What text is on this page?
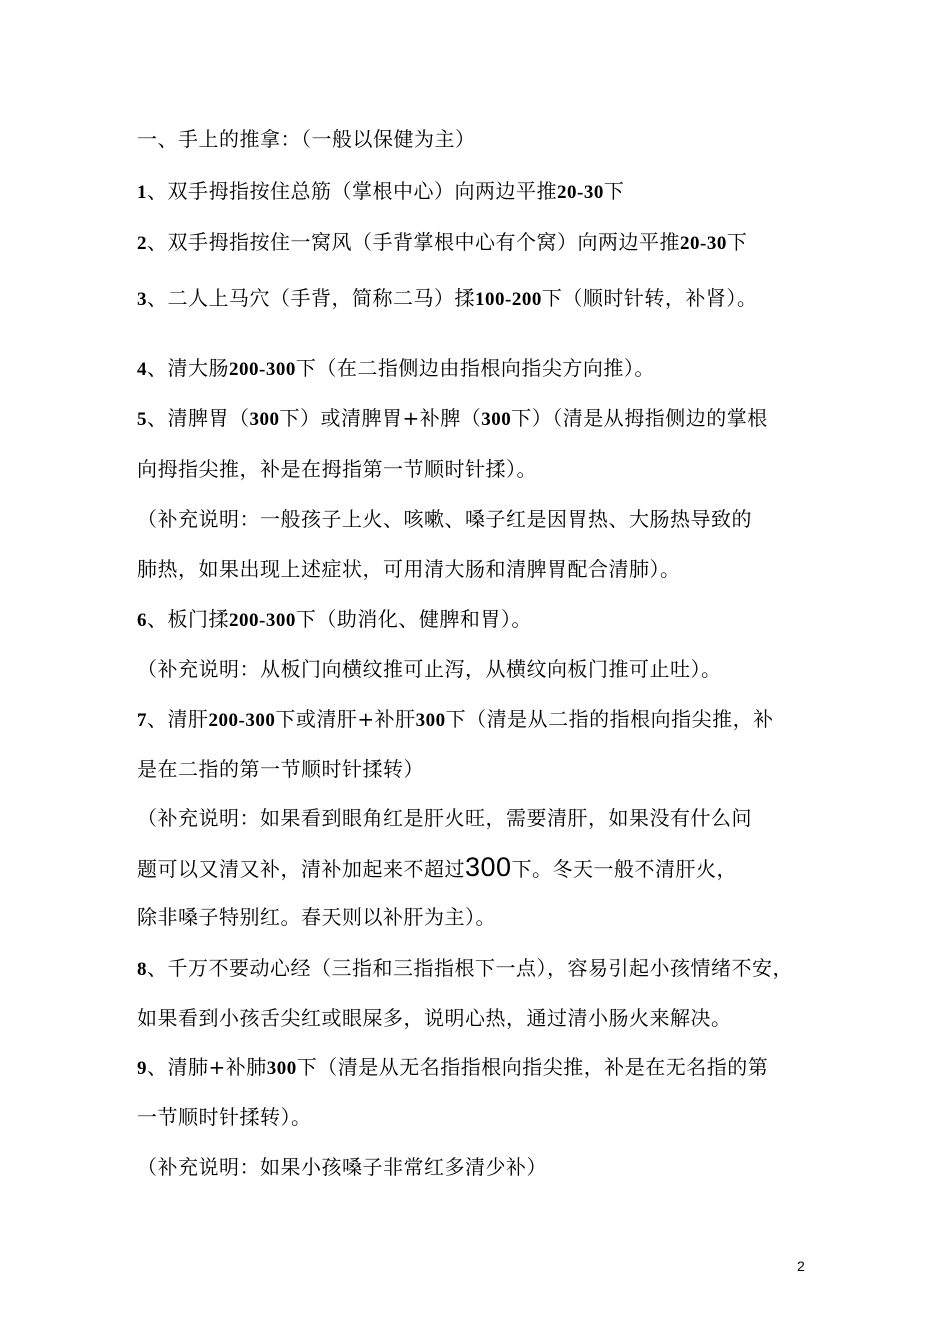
一、手上的推拿：（一般以保健为主）
1、双手拇指按住总筋（掌根中心）向两边平推20-30下
2、双手拇指按住一窝风（手背掌根中心有个窝）向两边平推20-30下
3、二人上马穴（手背，简称二马）揉100-200下（顺时针转，补肾）。
4、清大肠200-300下（在二指侧边由指根向指尖方向推）。
5、清脾胃（300下）或清脾胃+补脾（300下）（清是从拇指侧边的掌根
向拇指尖推，补是在拇指第一节顺时针揉）。
（补充说明：一般孩子上火、咳嗽、嗓子红是因胃热、大肠热导致的
肺热，如果出现上述症状，可用清大肠和清脾胃配合清肺）。
6、板门揉200-300下（助消化、健脾和胃）。
（补充说明：从板门向横纹推可止泻，从横纹向板门推可止吐）。
7、清肝200-300下或清肝+补肝300下（清是从二指的指根向指尖推，补
是在二指的第一节顺时针揉转）
（补充说明：如果看到眼角红是肝火旺，需要清肝，如果没有什么问
题可以又清又补，清补加起来不超过300下。冬天一般不清肝火，
除非嗓子特别红。春天则以补肝为主）。
8、千万不要动心经（三指和三指指根下一点），容易引起小孩情绪不安，
如果看到小孩舌尖红或眼屎多，说明心热，通过清小肠火来解决。
9、清肺+补肺300下（清是从无名指指根向指尖推，补是在无名指的第
一节顺时针揉转）。
（补充说明：如果小孩嗓子非常红多清少补）
2
